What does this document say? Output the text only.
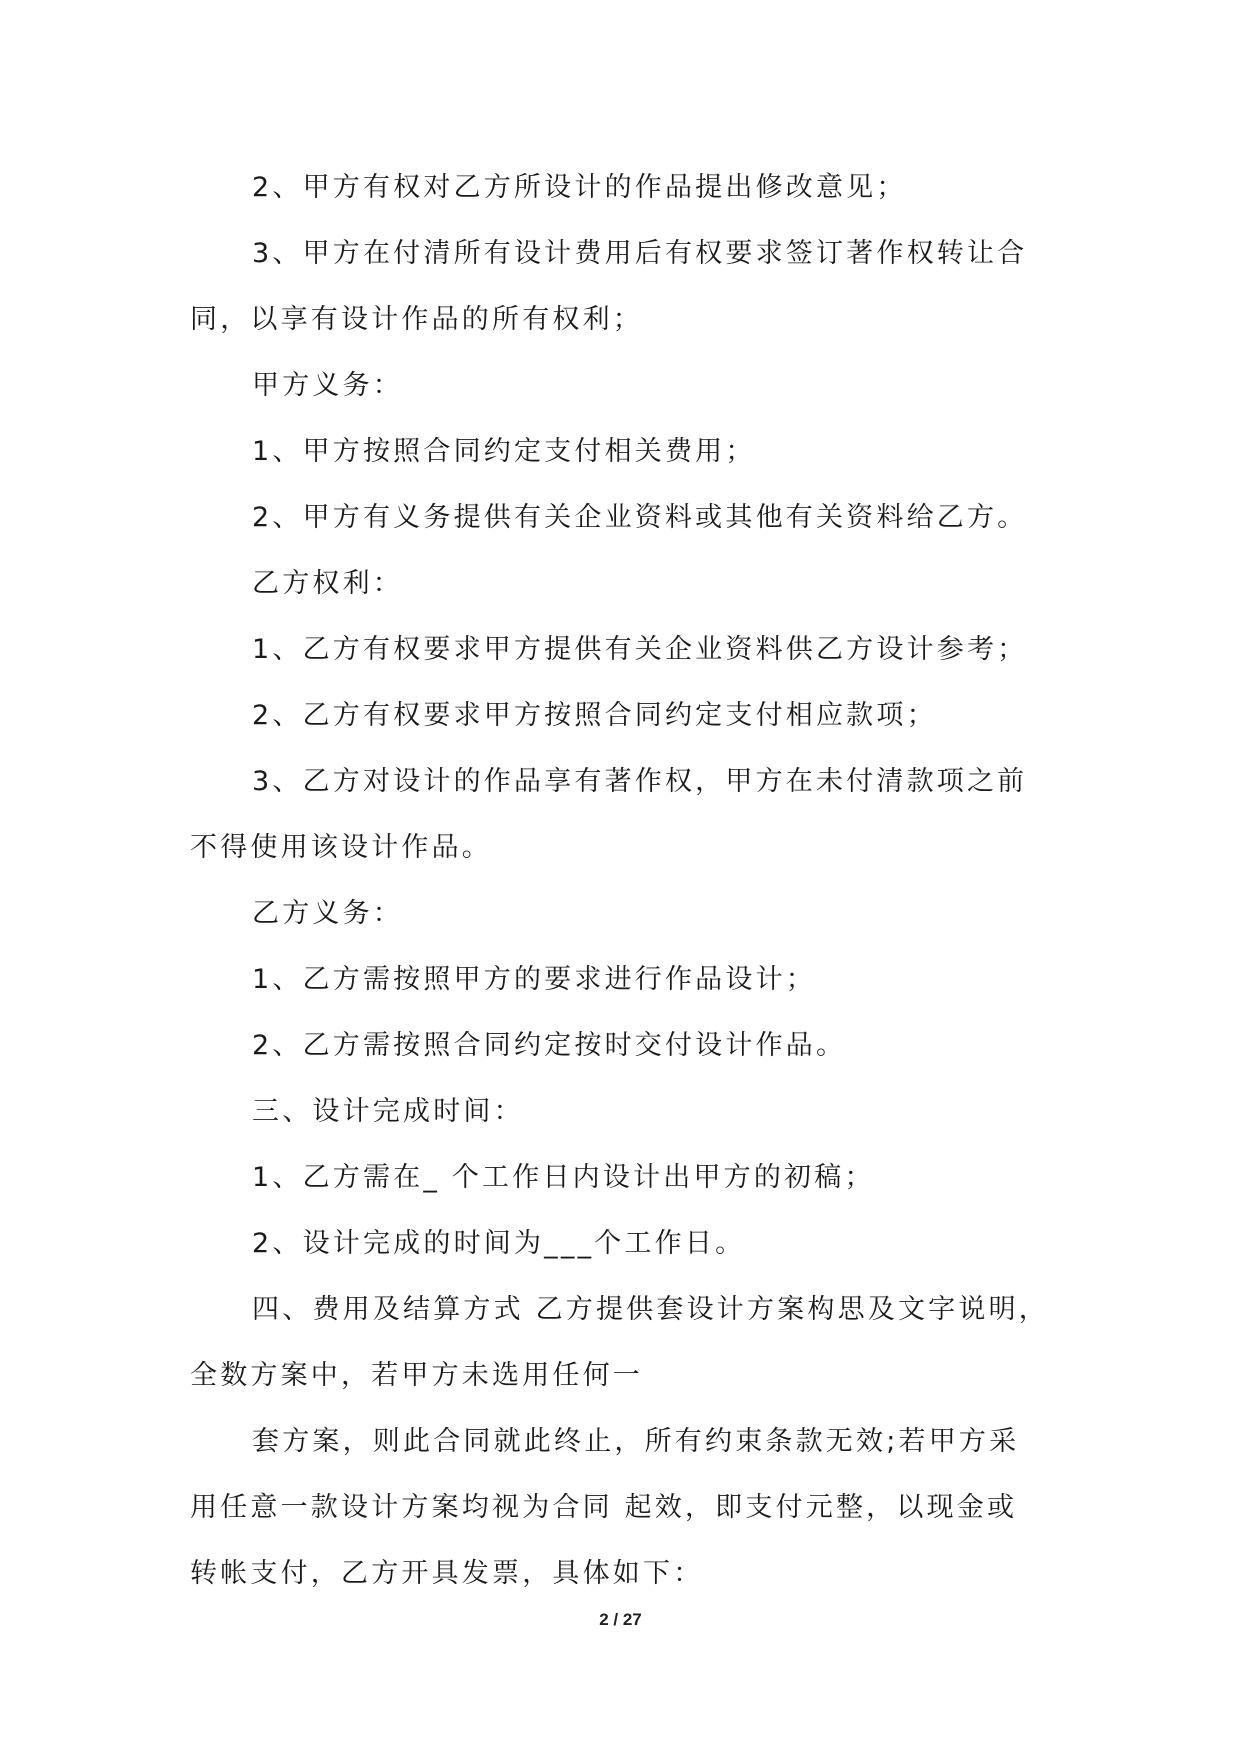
2、甲方有权对乙方所设计的作品提出修改意见；
3、甲方在付清所有设计费用后有权要求签订著作权转让合
同，以享有设计作品的所有权利；
甲方义务：
1、甲方按照合同约定支付相关费用；
2、甲方有义务提供有关企业资料或其他有关资料给乙方。
乙方权利：
1、乙方有权要求甲方提供有关企业资料供乙方设计参考；
2、乙方有权要求甲方按照合同约定支付相应款项；
3、乙方对设计的作品享有著作权，甲方在未付清款项之前
不得使用该设计作品。
乙方义务：
1、乙方需按照甲方的要求进行作品设计；
2、乙方需按照合同约定按时交付设计作品。
三、设计完成时间：
1、乙方需在_ 个工作日内设计出甲方的初稿；
2、设计完成的时间为___个工作日。
四、费用及结算方式 乙方提供套设计方案构思及文字说明，
全数方案中，若甲方未选用任何一
套方案，则此合同就此终止，所有约束条款无效;若甲方采
用任意一款设计方案均视为合同 起效，即支付元整，以现金或
转帐支付，乙方开具发票，具体如下：
2 / 27
